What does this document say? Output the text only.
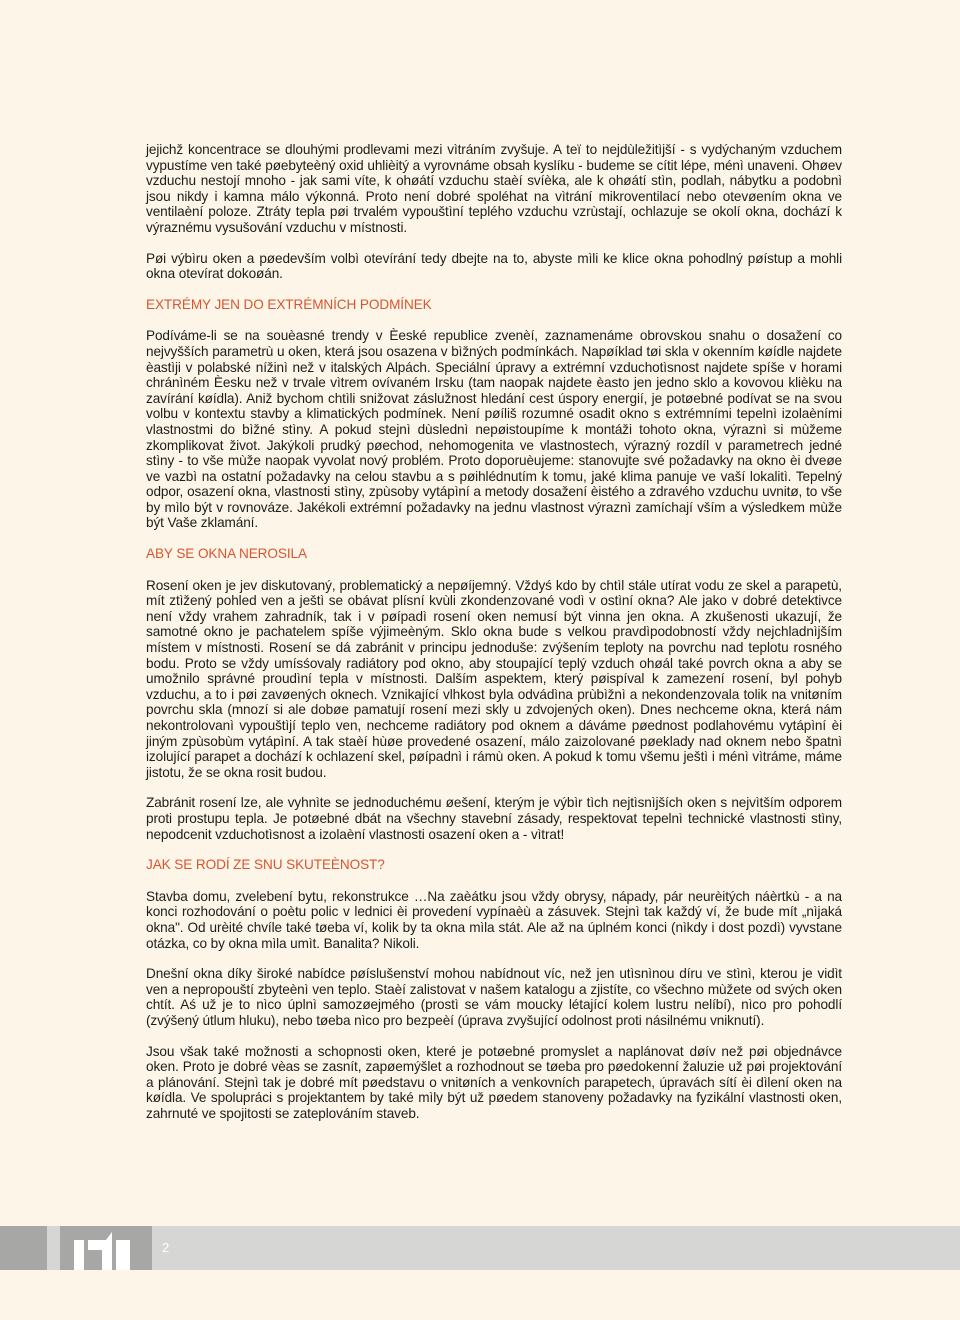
jejichž koncentrace se dlouhými prodlevami mezi vìtráním zvyšuje. A teï to nejdùležitìjší - s vydýchaným vzduchem vypustíme ven také pøebyteèný oxid uhlièitý a vyrovnáme obsah kyslíku - budeme se cítit lépe, ménì unaveni. Ohøev vzduchu nestojí mnoho - jak sami víte, k ohøátí vzduchu staèí svíèka, ale k ohøátí stìn, podlah, nábytku a podobnì jsou nikdy i kamna málo výkonná. Proto není dobré spoléhat na vìtrání mikroventilací nebo otevøením okna ve ventilaèní poloze. Ztráty tepla pøi trvalém vypouštìní teplého vzduchu vzrùstají, ochlazuje se okolí okna, dochází k výraznému vysušování vzduchu v místnosti.

Pøi výbìru oken a pøedevším volbì otevírání tedy dbejte na to, abyste mìli ke klice okna pohodlný pøístup a mohli okna otevírat dokoøán.

EXTRÉMY JEN DO EXTRÉMNÍCH PODMÍNEK

Podíváme-li se na souèasné trendy v Èeské republice zvenèí, zaznamenáme obrovskou snahu o dosažení co nejvyšších parametrù u oken, která jsou osazena v bìžných podmínkách. Napøíklad tøi skla v okenním køídle najdete èastìji v polabské nížinì než v italských Alpách. Speciální úpravy a extrémní vzduchotìsnost najdete spíše v horami chránìném Èesku než v trvale vìtrem ovívaném Irsku (tam naopak najdete èasto jen jedno sklo a kovovou klièku na zavírání køídla). Aniž bychom chtìli snižovat záslužnost hledání cest úspory energií, je potøebné podívat se na svou volbu v kontextu stavby a klimatických podmínek. Není pøíliš rozumné osadit okno s extrémními tepelnì izolaèními vlastnostmi do bìžné stìny. A pokud stejnì dùslednì nepøistoupíme k montáži tohoto okna, výraznì si mùžeme zkomplikovat život. Jakýkoli prudký pøechod, nehomogenita ve vlastnostech, výrazný rozdíl v parametrech jedné stìny - to vše mùže naopak vyvolat nový problém. Proto doporuèujeme: stanovujte své požadavky na okno èi dveøe ve vazbì na ostatní požadavky na celou stavbu a s pøihlédnutím k tomu, jaké klima panuje ve vaší lokalitì. Tepelný odpor, osazení okna, vlastnosti stìny, zpùsoby vytápìní a metody dosažení èistého a zdravého vzduchu uvnitø, to vše by mìlo být v rovnováze. Jakékoli extrémní požadavky na jednu vlastnost výraznì zamíchají vším a výsledkem mùže být Vaše zklamání.

ABY SE OKNA NEROSILA

Rosení oken je jev diskutovaný, problematický a nepøíjemný. Vždyś kdo by chtìl stále utírat vodu ze skel a parapetù, mít ztìžený pohled ven a ještì se obávat plísní kvùli zkondenzované vodì v ostìní okna? Ale jako v dobré detektivce není vždy vrahem zahradník, tak i v pøípadì rosení oken nemusí být vinna jen okna. A zkušenosti ukazují, že samotné okno je pachatelem spíše výjimeèným. Sklo okna bude s velkou pravdìpodobností vždy nejchladnìjším místem v místnosti. Rosení se dá zabránit v principu jednoduše: zvýšením teploty na povrchu nad teplotu rosného bodu. Proto se vždy umísśovaly radiátory pod okno, aby stoupající teplý vzduch ohøál také povrch okna a aby se umožnilo správné proudìní tepla v místnosti. Dalším aspektem, který pøispíval k zamezení rosení, byl pohyb vzduchu, a to i pøi zavøených oknech. Vznikající vlhkost byla odvádìna prùbìžnì a nekondenzovala tolik na vnitøním povrchu skla (mnozí si ale dobøe pamatují rosení mezi skly u zdvojených oken). Dnes nechceme okna, která nám nekontrolovanì vypouštìjí teplo ven, nechceme radiátory pod oknem a dáváme pøednost podlahovému vytápìní èi jiným zpùsobùm vytápìní. A tak staèí hùøe provedené osazení, málo zaizolované pøeklady nad oknem nebo špatnì izolující parapet a dochází k ochlazení skel, pøípadnì i rámù oken. A pokud k tomu všemu ještì i ménì vìtráme, máme jistotu, že se okna rosit budou.

Zabránit rosení lze, ale vyhnìte se jednoduchému øešení, kterým je výbìr tìch nejtìsnìjších oken s nejvìtším odporem proti prostupu tepla. Je potøebné dbát na všechny stavební zásady, respektovat tepelnì technické vlastnosti stìny, nepodcenit vzduchotìsnost a izolaèní vlastnosti osazení oken a - vìtrat!

JAK SE RODÍ ZE SNU SKUTEÈNOST?

Stavba domu, zvelebení bytu, rekonstrukce …Na zaèátku jsou vždy obrysy, nápady, pár neurèitých náèrtkù - a na konci rozhodování o poètu polic v lednici èi provedení vypínaèù a zásuvek. Stejnì tak každý ví, že bude mít „nìjaká okna". Od urèité chvíle také tøeba ví, kolik by ta okna mìla stát. Ale až na úplném konci (nìkdy i dost pozdì) vyvstane otázka, co by okna mìla umìt. Banalita? Nikoli.

Dnešní okna díky široké nabídce pøíslušenství mohou nabídnout víc, než jen utìsnìnou díru ve stìnì, kterou je vidìt ven a nepropouští zbyteènì ven teplo. Staèí zalistovat v našem katalogu a zjistíte, co všechno mùžete od svých oken chtít. Aś už je to nìco úplnì samozøejmého (prostì se vám moucky létající kolem lustru nelíbí), nìco pro pohodlí (zvýšený útlum hluku), nebo tøeba nìco pro bezpeèí (úprava zvyšující odolnost proti násilnému vniknutí).

Jsou však také možnosti a schopnosti oken, které je potøebné promyslet a naplánovat døív než pøi objednávce oken. Proto je dobré vèas se zasnít, zapøemýšlet a rozhodnout se tøeba pro pøedokenní žaluzie už pøi projektování a plánování. Stejnì tak je dobré mít pøedstavu o vnitøních a venkovních parapetech, úpravách sítí èi dìlení oken na køídla. Ve spolupráci s projektantem by také mìly být už pøedem stanoveny požadavky na fyzikální vlastnosti oken, zahrnuté ve spojitosti se zateplováním staveb.

2
